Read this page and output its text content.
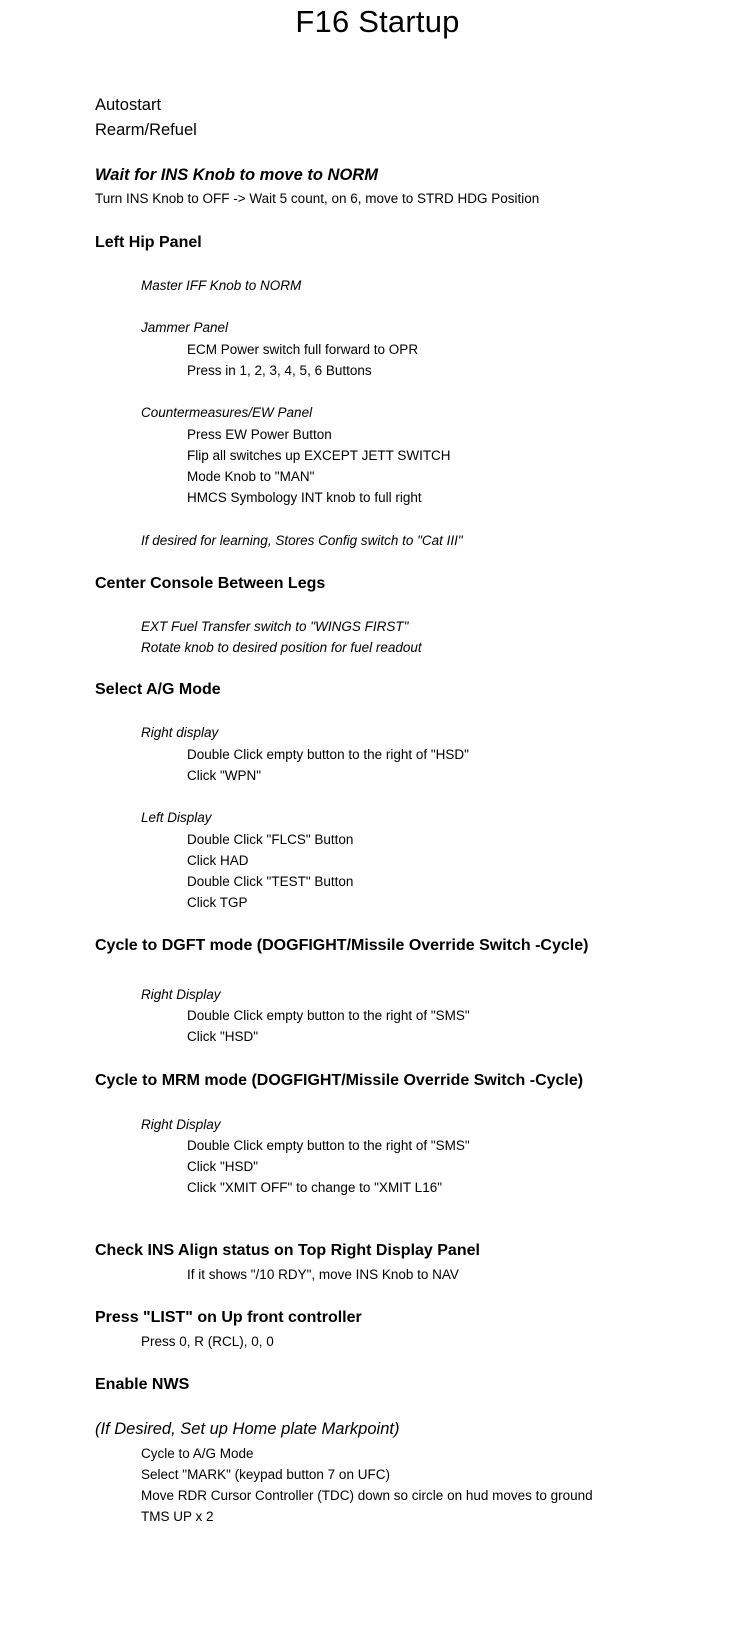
F16 Startup
Autostart
Rearm/Refuel
Wait for INS Knob to move to NORM
Turn INS Knob to OFF -> Wait 5 count, on 6, move to STRD HDG Position
Left Hip Panel
Master IFF Knob to NORM
Jammer Panel
ECM Power switch full forward to OPR
Press in 1, 2, 3, 4, 5, 6 Buttons
Countermeasures/EW Panel
Press EW Power Button
Flip all switches up EXCEPT JETT SWITCH
Mode Knob to "MAN"
HMCS Symbology INT knob to full right
If desired for learning, Stores Config switch to "Cat III"
Center Console Between Legs
EXT Fuel Transfer switch to "WINGS FIRST"
Rotate knob to desired position for fuel readout
Select A/G Mode
Right display
Double Click empty button to the right of "HSD"
Click "WPN"
Left Display
Double Click "FLCS" Button
Click HAD
Double Click "TEST" Button
Click TGP
Cycle to DGFT mode (DOGFIGHT/Missile Override Switch -Cycle)
Right Display
Double Click empty button to the right of "SMS"
Click "HSD"
Cycle to MRM mode (DOGFIGHT/Missile Override Switch -Cycle)
Right Display
Double Click empty button to the right of "SMS"
Click "HSD"
Click "XMIT OFF" to change to "XMIT L16"
Check INS Align status on Top Right Display Panel
If it shows "/10 RDY", move INS Knob to NAV
Press "LIST" on Up front controller
Press 0, R (RCL), 0, 0
Enable NWS
(If Desired, Set up Home plate Markpoint)
Cycle to A/G Mode
Select "MARK" (keypad button 7 on UFC)
Move RDR Cursor Controller (TDC) down so circle on hud moves to ground
TMS UP x 2
